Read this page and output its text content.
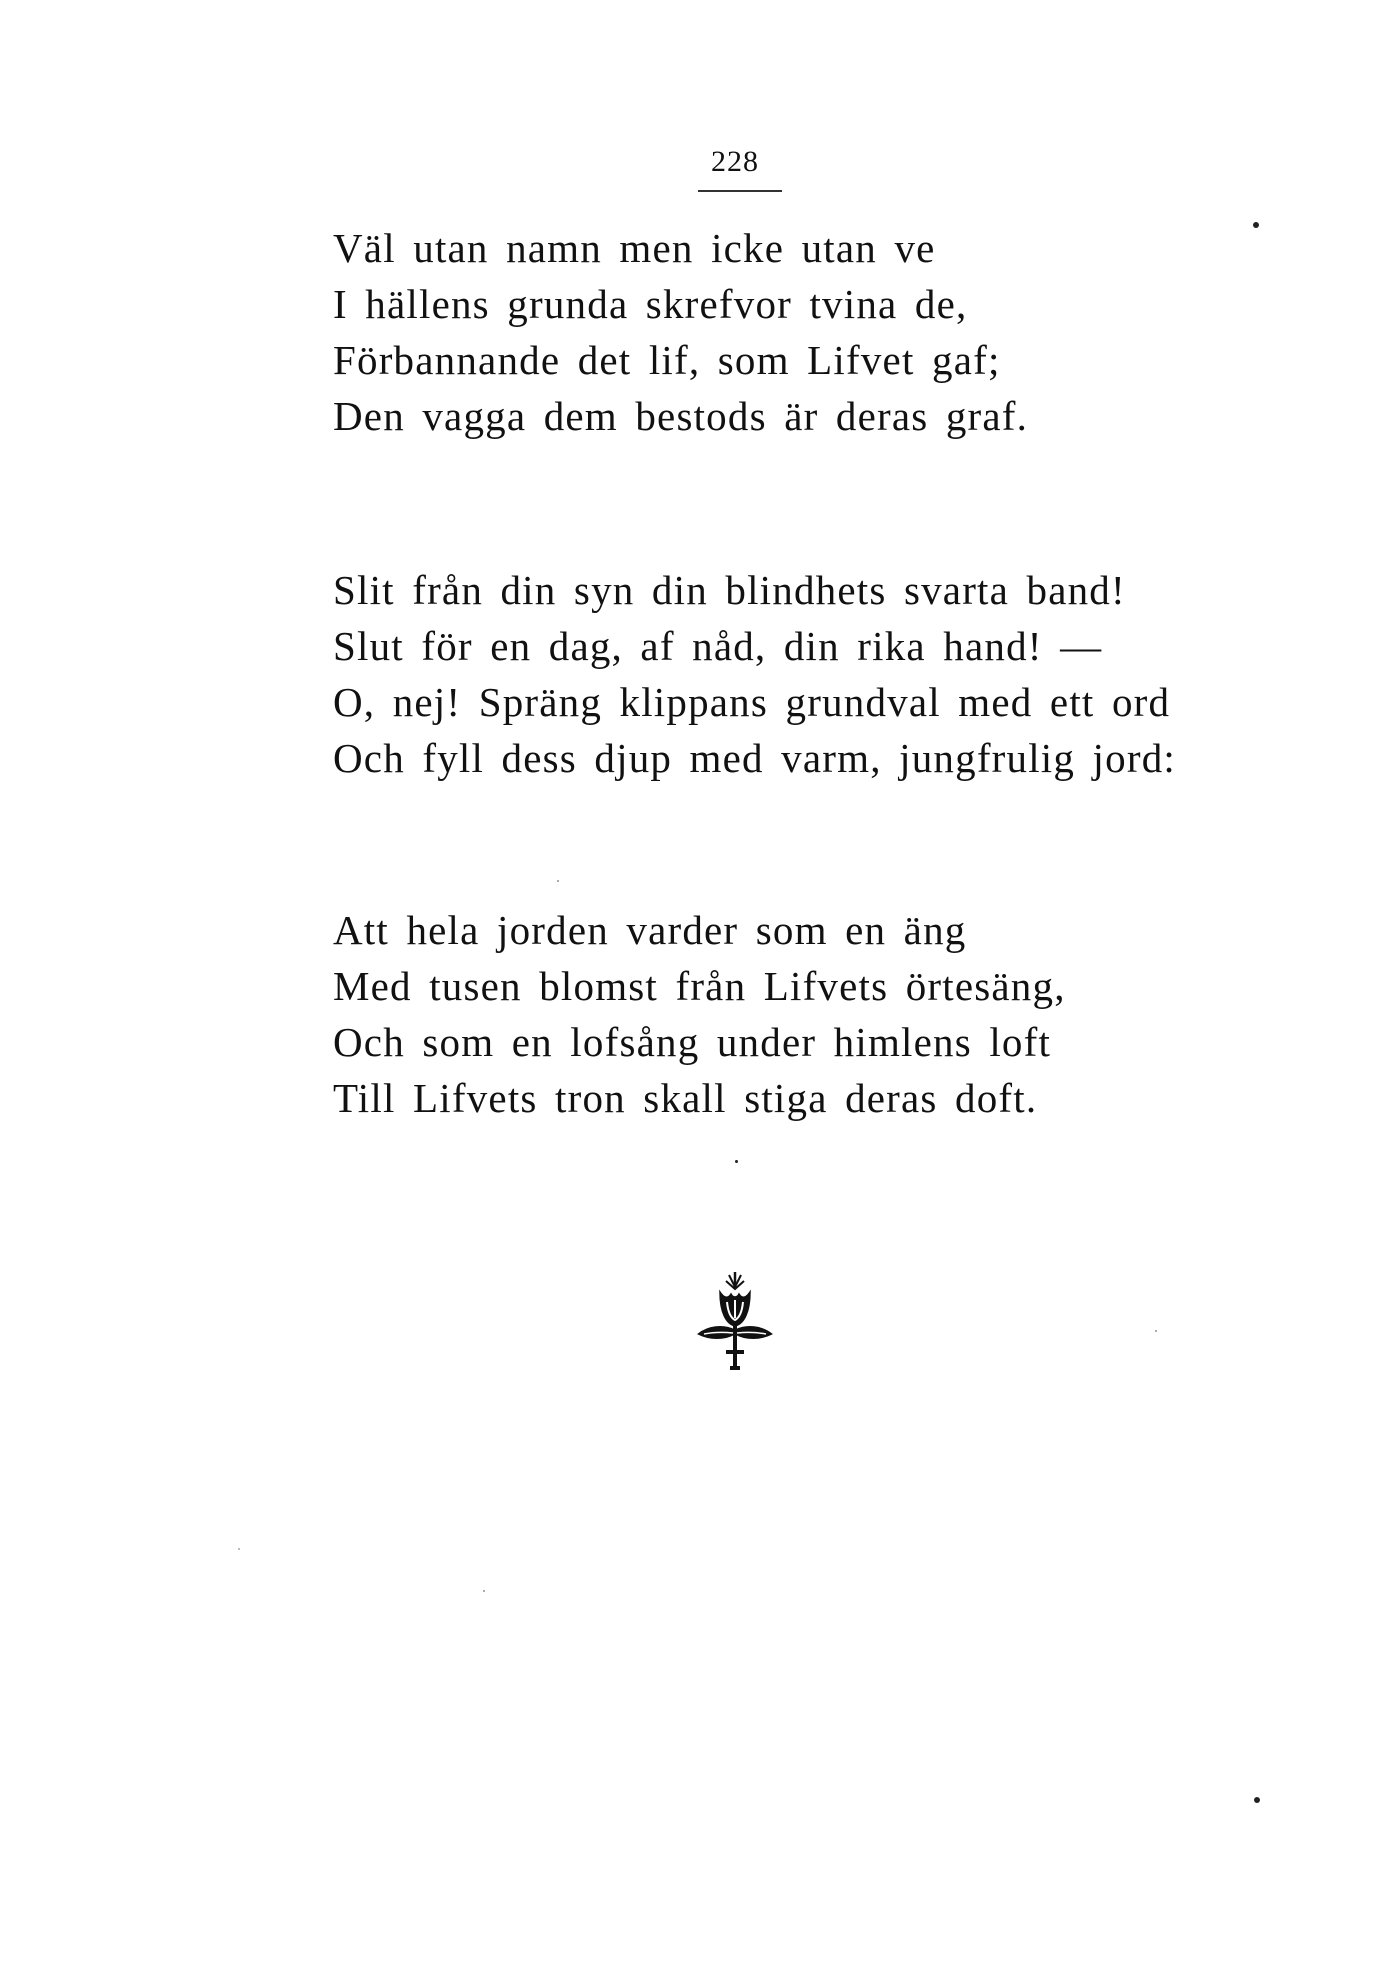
228
Väl utan namn men icke utan ve
I hällens grunda skrefvor tvina de,
Förbannande det lif, som Lifvet gaf;
Den vagga dem bestods är deras graf.
Slit från din syn din blindhets svarta band!
Slut för en dag, af nåd, din rika hand! —
O, nej! Spräng klippans grundval med ett ord
Och fyll dess djup med varm, jungfrulig jord:
Att hela jorden varder som en äng
Med tusen blomst från Lifvets örtesäng,
Och som en lofsång under himlens loft
Till Lifvets tron skall stiga deras doft.
